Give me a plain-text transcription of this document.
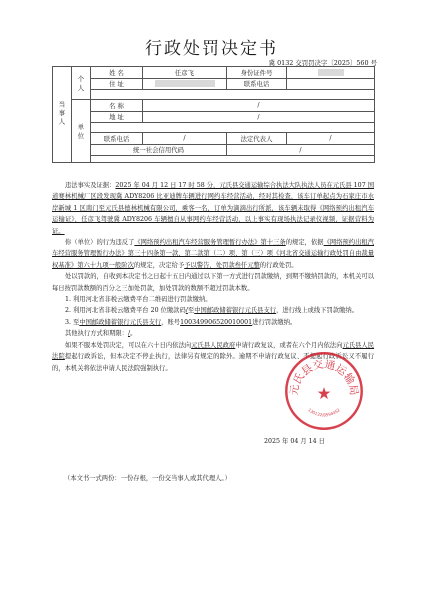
行政处罚决定书
冀 0132 交罚罚决字〔2025〕560 号
当事人	个人	姓 名	任彦飞	身份证件号	
		住 址		联系电话	

	单位	名 称	/		
		地 址	/		

		联系电话	/	法定代表人	/
		统一社会信用代码		/	

违法事实及证据：2025 年 04 月 12 日 17 时 58 分，元氏县交通运输综合执法大队执法人员在元氏县 107 国道赛林机械厂区段发现冀 ADY8206 比亚迪牌车辆进行网约车经营活动，经对其检查，该车订单起点为石家庄市水岸新城 1 区南门至元氏县德林机械有限公司，乘客一名，订单为滴滴出行所派，该车辆未取得《网络预约出租汽车运输证》，任彦飞驾驶冀 ADY8206 车辆擅自从事网约车经营活动，以上事实有现场执法记录仪视频，证据营料为证。

你（单位）的行为违反了《网络预约出租汽车经营服务管理暂行办法》第十三条的规定，依据《网络预约出租汽车经营服务管理暂行办法》第三十四条第一款、第二款第（二）项、第（三）项《河北省交通运输行政处罚自由裁量权基准》第六十九项一般阶次的规定，决定给予予以警告，处罚款叁仟元整的行政处罚。

处以罚款的，自收到本决定书之日起十五日内通过以下第一方式进行罚款缴纳，到期不缴纳罚款的，本机关可以每日按罚款数额的百分之三加处罚款，加处罚款的数额不超过罚款本数。

1. 利用河北省非税云缴费平台二维码进行罚款缴纳。

2. 利用河北省非税云缴费平台 20 位缴款码/至中国邮政储蓄银行元氏县支行，进行线上或线下罚款缴纳。

3. 至中国邮政储蓄银行元氏县支行，账号100349906520010001进行罚款缴纳。

其他执行方式和期限：/。

如果不服本处罚决定，可以在六十日内依法向元氏县人民政府申请行政复议，或者在六个月内依法向元氏县人民法院提起行政诉讼，但本决定不停止执行，法律另有规定的除外。逾期不申请行政复议、不提起行政诉讼又不履行的，本机关将依法申请人民法院强制执行。

元氏县交通运输局
★
130132/8594452
2025 年 04 月 14 日
（本文书一式两份：一份存根，一份交当事人或其代理人。）
